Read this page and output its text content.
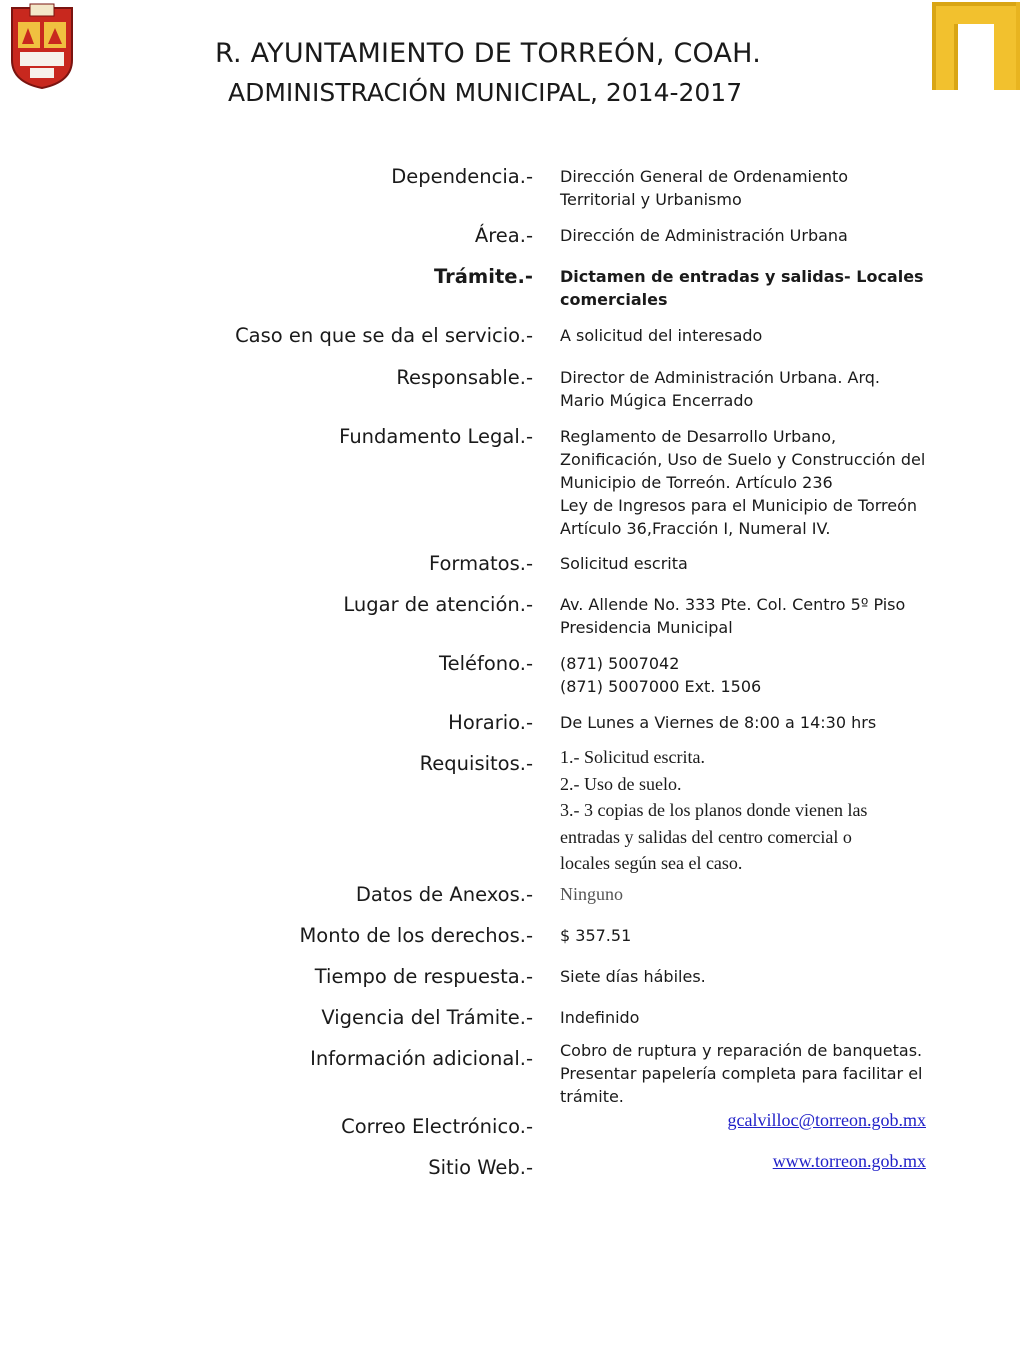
R. AYUNTAMIENTO DE TORREÓN, COAH.
ADMINISTRACIÓN MUNICIPAL, 2014-2017
Dependencia.- Dirección General de Ordenamiento
Territorial y Urbanismo
Área.- Dirección de Administración Urbana
Trámite.- Dictamen de entradas y salidas- Locales
comerciales
Caso en que se da el servicio.- A solicitud del interesado
Responsable.- Director de Administración Urbana. Arq.
Mario Múgica Encerrado
Fundamento Legal.- Reglamento de Desarrollo Urbano,
Zonificación, Uso de Suelo y Construcción del
Municipio de Torreón. Artículo 236
Ley de Ingresos para el Municipio de Torreón
Artículo 36,Fracción I, Numeral IV.
Formatos.- Solicitud escrita
Lugar de atención.- Av. Allende No. 333 Pte. Col. Centro 5º Piso
Presidencia Municipal
Teléfono.- (871) 5007042
(871) 5007000 Ext. 1506
Horario.- De Lunes a Viernes de 8:00 a 14:30 hrs
Requisitos.- 1.- Solicitud escrita.
2.- Uso de suelo.
3.- 3 copias de los planos donde vienen las
entradas y salidas del centro comercial o
locales según sea el caso.
Datos de Anexos.- Ninguno
Monto de los derechos.- $ 357.51
Tiempo de respuesta.- Siete días hábiles.
Vigencia del Trámite.- Indefinido
Información adicional.- Cobro de ruptura y reparación de banquetas.
Presentar papelería completa para facilitar el
trámite.
Correo Electrónico.-	gcalvilloc@torreon.gob.mx
Sitio Web.-	www.torreon.gob.mx
